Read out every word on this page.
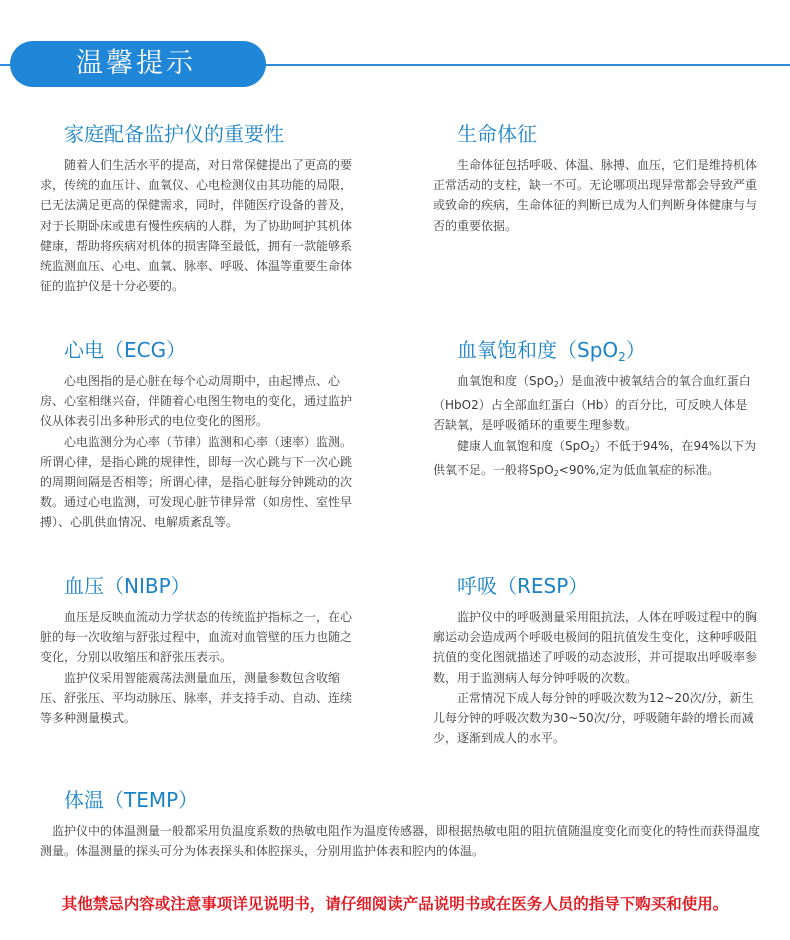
温馨提示
家庭配备监护仪的重要性

随着人们生活水平的提高，对日常保健提出了更高的要求，传统的血压计、血氧仪、心电检测仪由其功能的局限，已无法满足更高的保健需求，同时，伴随医疗设备的普及，对于长期卧床或患有慢性疾病的人群，为了协助呵护其机体健康，帮助将疾病对机体的损害降至最低，拥有一款能够系统监测血压、心电、血氧、脉率、呼吸、体温等重要生命体征的监护仪是十分必要的。

生命体征

生命体征包括呼吸、体温、脉搏、血压，它们是维持机体正常活动的支柱，缺一不可。无论哪项出现异常都会导致严重或致命的疾病，生命体征的判断已成为人们判断身体健康与与否的重要依据。

心电（ECG）

心电图指的是心脏在每个心动周期中，由起博点、心房、心室相继兴奋，伴随着心电图生物电的变化，通过监护仪从体表引出多种形式的电位变化的图形。

心电监测分为心率（节律）监测和心率（速率）监测。所谓心律，是指心跳的规律性，即每一次心跳与下一次心跳的周期间隔是否相等；所谓心律，是指心脏每分钟跳动的次数。通过心电监测，可发现心脏节律异常（如房性、室性早搏）、心肌供血情况、电解质紊乱等。

血氧饱和度（SpO$_2$）

血氧饱和度（SpO$_2$）是血液中被氧结合的氧合血红蛋白（HbO2）占全部血红蛋白（Hb）的百分比，可反映人体是否缺氧，是呼吸循环的重要生理参数。

健康人血氧饱和度（SpO$_2$）不低于94%，在94%以下为供氧不足。一般将SpO$_2$<90%,定为低血氧症的标准。

血压（NIBP）

血压是反映血流动力学状态的传统监护指标之一，在心脏的每一次收缩与舒张过程中，血流对血管壁的压力也随之变化，分别以收缩压和舒张压表示。

监护仪采用智能震荡法测量血压，测量参数包含收缩压、舒张压、平均动脉压、脉率，并支持手动、自动、连续等多种测量模式。

呼吸（RESP）

监护仪中的呼吸测量采用阻抗法，人体在呼吸过程中的胸廓运动会造成两个呼吸电极间的阻抗值发生变化，这种呼吸阻抗值的变化图就描述了呼吸的动态波形，并可提取出呼吸率参数，用于监测病人每分钟呼吸的次数。

正常情况下成人每分钟的呼吸次数为12~20次/分，新生儿每分钟的呼吸次数为30~50次/分，呼吸随年龄的增长而减少，逐渐到成人的水平。

体温（TEMP）

监护仪中的体温测量一般都采用负温度系数的热敏电阻作为温度传感器，即根据热敏电阻的阻抗值随温度变化而变化的特性而获得温度测量。体温测量的探头可分为体表探头和体腔探头，分别用监护体表和腔内的体温。

其他禁忌内容或注意事项详见说明书，请仔细阅读产品说明书或在医务人员的指导下购买和使用。
